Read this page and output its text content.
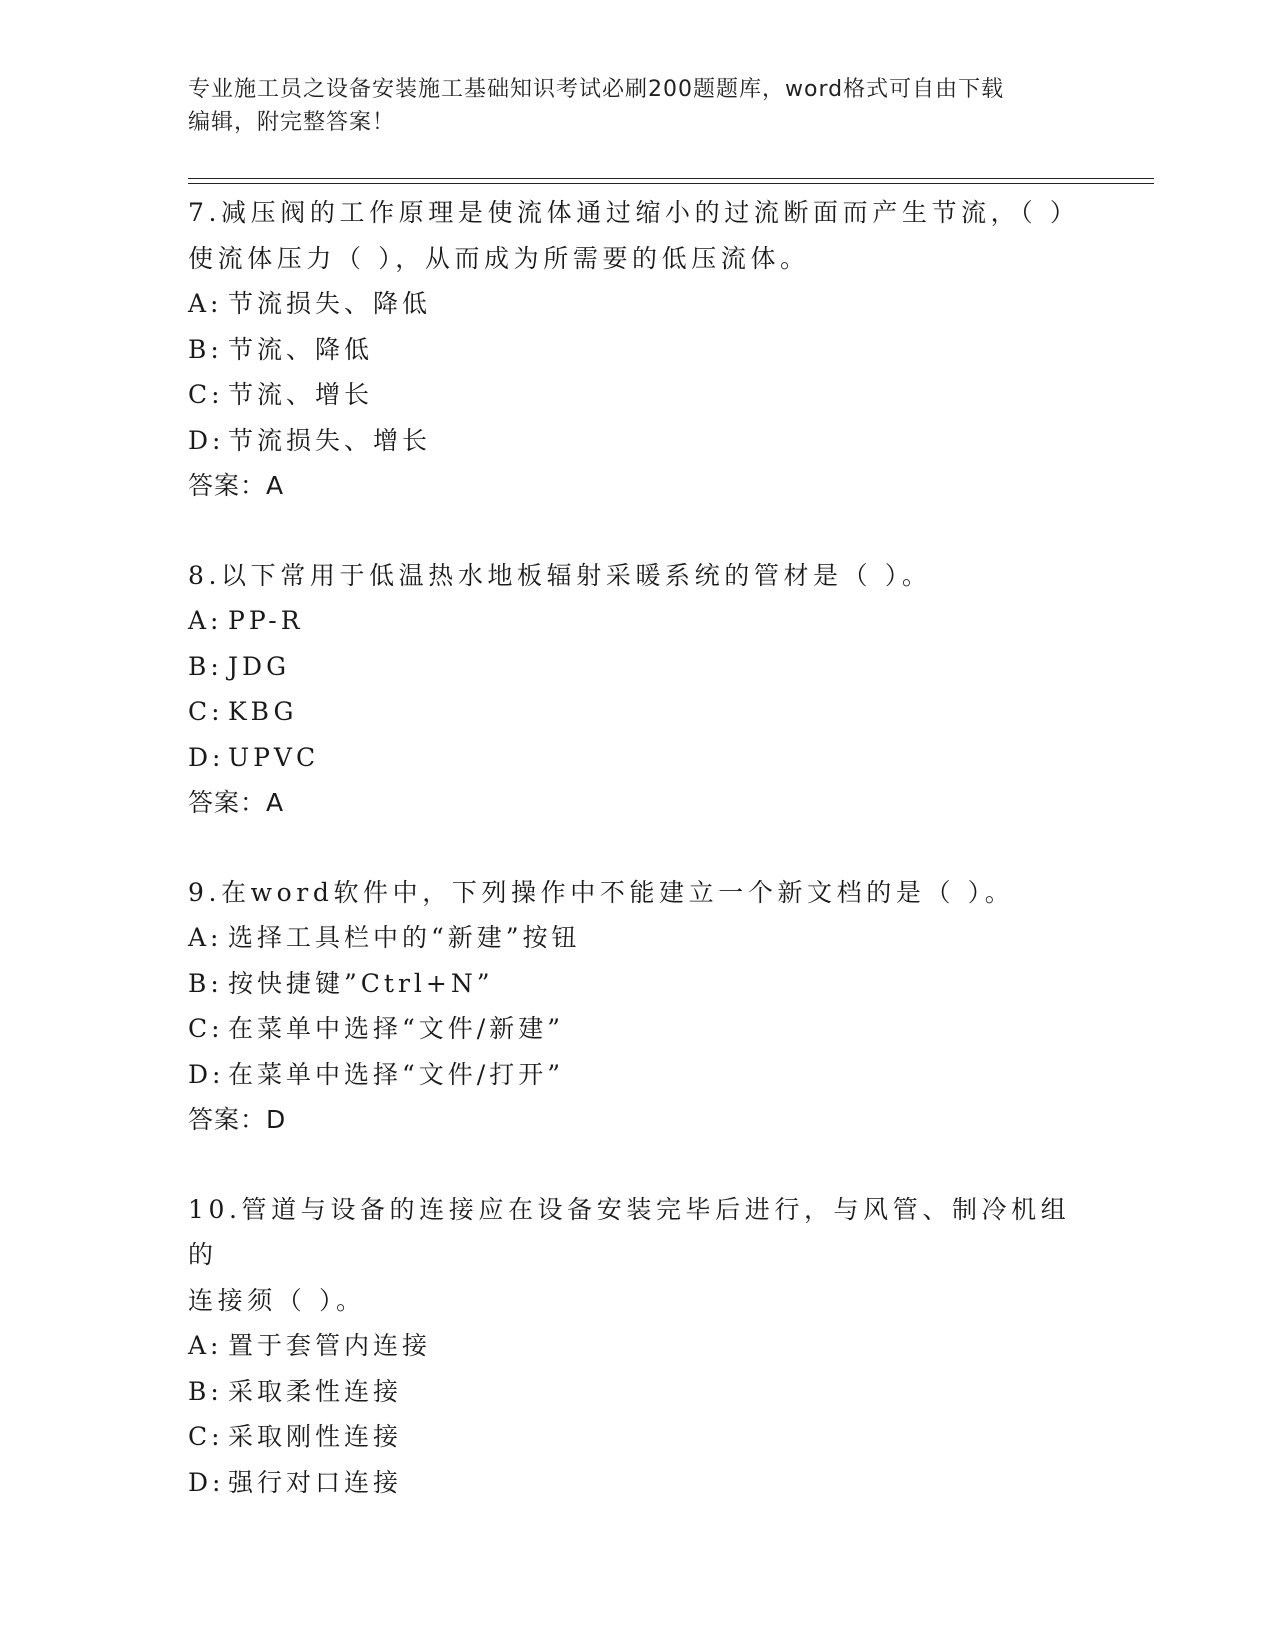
专业施工员之设备安装施工基础知识考试必刷200题题库，word格式可自由下载
编辑，附完整答案！
7.减压阀的工作原理是使流体通过缩小的过流断面而产生节流，（ ）
使流体压力（ ），从而成为所需要的低压流体。
A: 节流损失、降低
B: 节流、降低
C: 节流、增长
D: 节流损失、增长
答案：A
8.以下常用于低温热水地板辐射采暖系统的管材是（ ）。
A: PP-R
B: JDG
C: KBG
D: UPVC
答案：A
9.在word软件中，下列操作中不能建立一个新文档的是（ ）。
A: 选择工具栏中的“新建”按钮
B: 按快捷键”Ctrl+N”
C: 在菜单中选择“文件/新建”
D: 在菜单中选择“文件/打开”
答案：D
10.管道与设备的连接应在设备安装完毕后进行，与风管、制冷机组的
连接须（ ）。
A: 置于套管内连接
B: 采取柔性连接
C: 采取刚性连接
D: 强行对口连接
